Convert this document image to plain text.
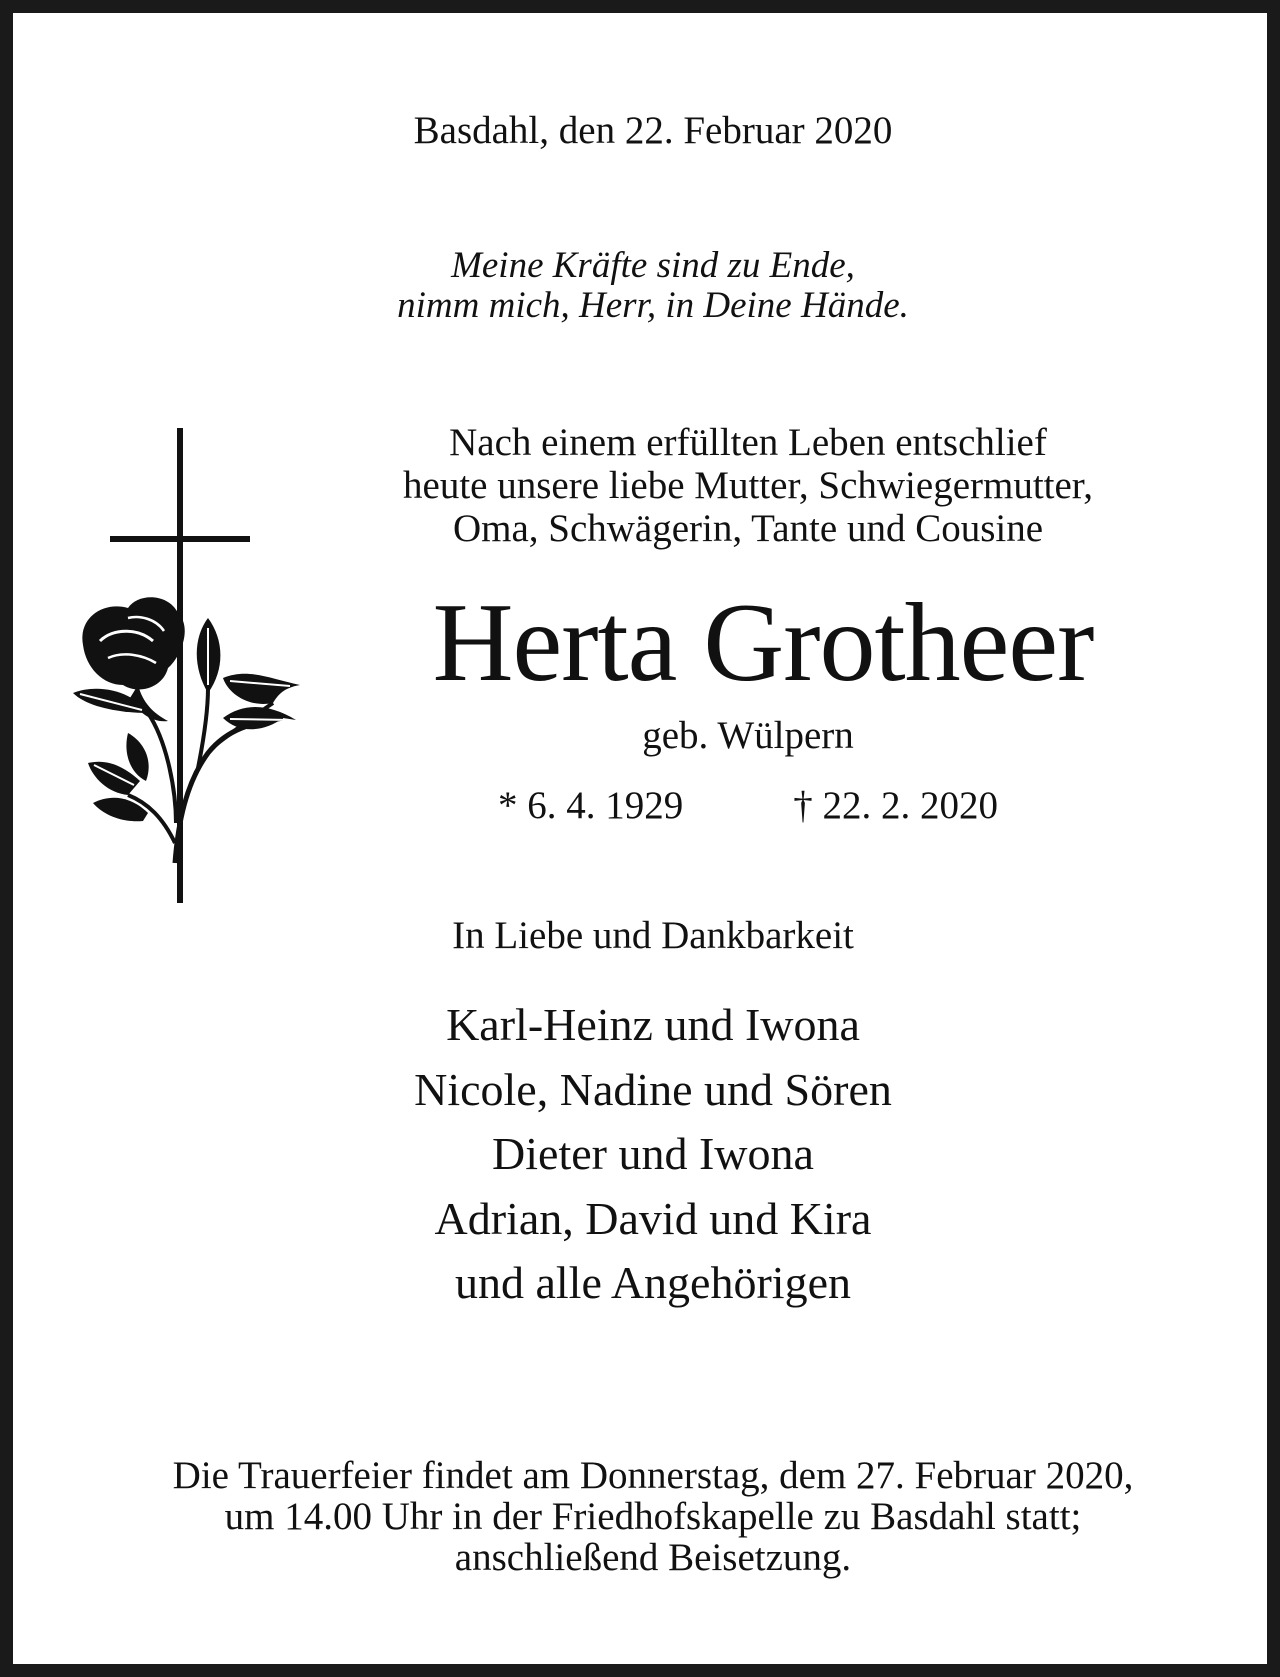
Basdahl, den 22. Februar 2020

Meine Kräfte sind zu Ende,
nimm mich, Herr, in Deine Hände.
Nach einem erfüllten Leben entschlief
heute unsere liebe Mutter, Schwiegermutter,
Oma, Schwägerin, Tante und Cousine

Herta Grotheer

geb. Wülpern

* 6. 4. 1929	† 22. 2. 2020

In Liebe und Dankbarkeit

Karl-Heinz und Iwona
Nicole, Nadine und Sören
Dieter und Iwona
Adrian, David und Kira
und alle Angehörigen
Die Trauerfeier findet am Donnerstag, dem 27. Februar 2020,
um 14.00 Uhr in der Friedhofskapelle zu Basdahl statt;
anschließend Beisetzung.
